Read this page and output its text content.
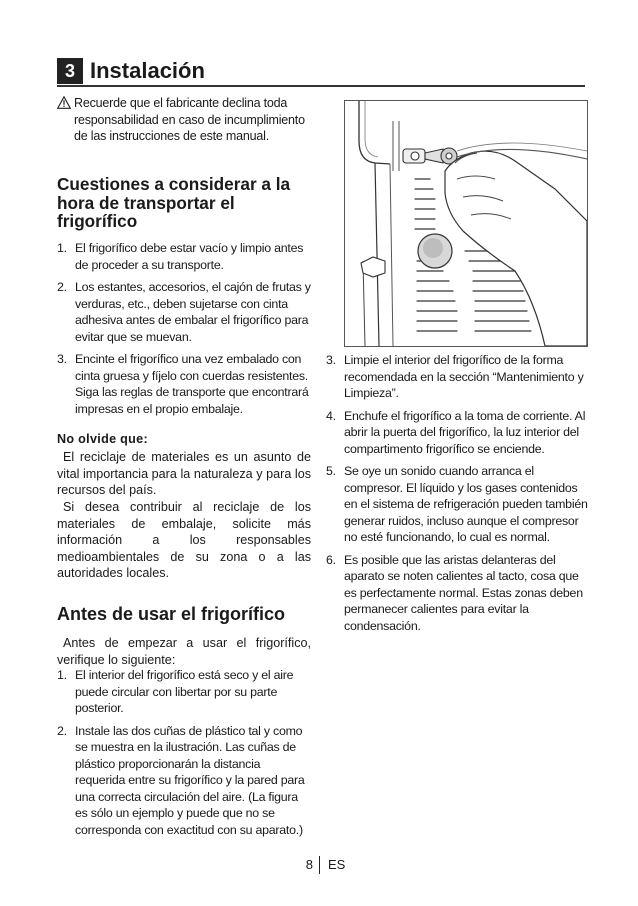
3 Instalación
Recuerde que el fabricante declina toda responsabilidad en caso de incumplimiento de las instrucciones de este manual.
Cuestiones a considerar a la hora de transportar el frigorífico
1. El frigorífico debe estar vacío y limpio antes de proceder a su transporte.
2. Los estantes, accesorios, el cajón de frutas y verduras, etc., deben sujetarse con cinta adhesiva antes de embalar el frigorífico para evitar que se muevan.
3. Encinte el frigorífico una vez embalado con cinta gruesa y fíjelo con cuerdas resistentes. Siga las reglas de transporte que encontrará impresas en el propio embalaje.
No olvide que:

El reciclaje de materiales es un asunto de vital importancia para la naturaleza y para los recursos del país.

Si desea contribuir al reciclaje de los materiales de embalaje, solicite más información a los responsables medioambientales de su zona o a las autoridades locales.

Antes de usar el frigorífico

Antes de empezar a usar el frigorífico, verifique lo siguiente:

1. El interior del frigorífico está seco y el aire puede circular con libertar por su parte posterior.
2. Instale las dos cuñas de plástico tal y como se muestra en la ilustración. Las cuñas de plástico proporcionarán la distancia requerida entre su frigorífico y la pared para una correcta circulación del aire. (La figura es sólo un ejemplo y puede que no se corresponda con exactitud con su aparato.)
3. Limpie el interior del frigorífico de la forma recomendada en la sección “Mantenimiento y Limpieza”.
4. Enchufe el frigorífico a la toma de corriente. Al abrir la puerta del frigorífico, la luz interior del compartimento frigorífico se enciende.
5. Se oye un sonido cuando arranca el compresor. El líquido y los gases contenidos en el sistema de refrigeración pueden también generar ruidos, incluso aunque el compresor no esté funcionando, lo cual es normal.
6. Es posible que las aristas delanteras del aparato se noten calientes al tacto, cosa que es perfectamente normal. Estas zonas deben permanecer calientes para evitar la condensación.
8 ES
